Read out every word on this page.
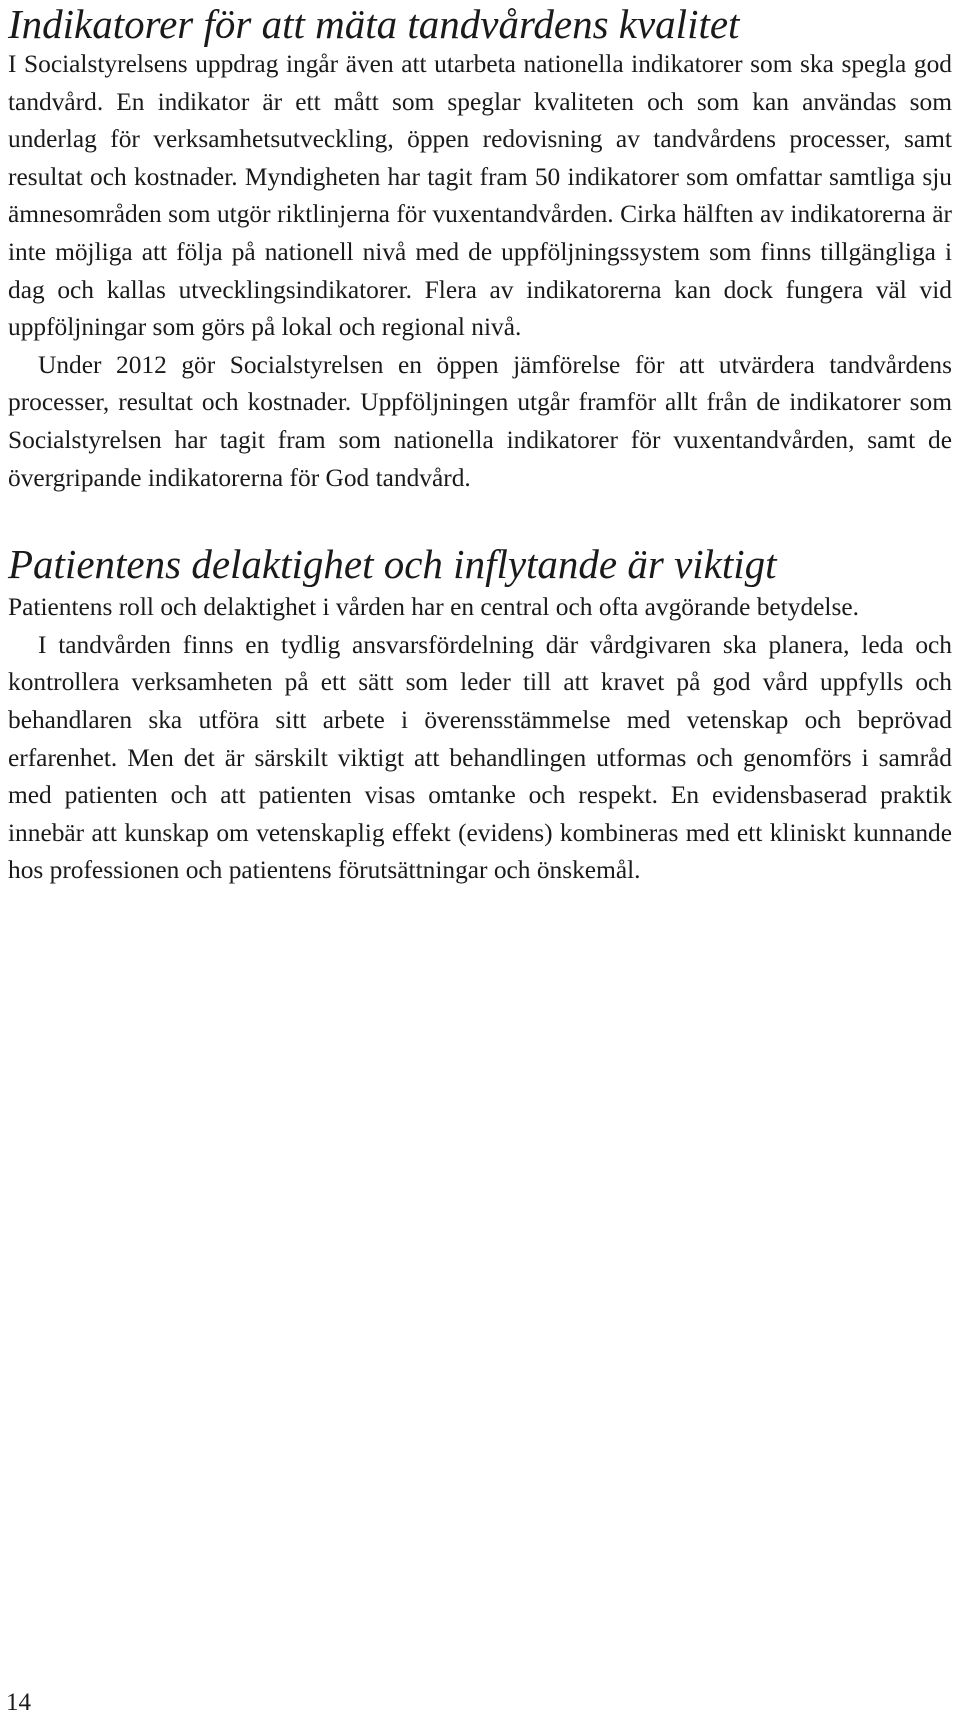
Indikatorer för att mäta tandvårdens kvalitet

I Socialstyrelsens uppdrag ingår även att utarbeta nationella indikatorer som ska spegla god tandvård. En indikator är ett mått som speglar kvaliteten och som kan användas som underlag för verksamhetsutveckling, öppen redovisning av tandvårdens processer, samt resultat och kostnader. Myndigheten har tagit fram 50 indikatorer som omfattar samtliga sju ämnesområden som utgör riktlinjerna för vuxentandvården. Cirka hälften av indikatorerna är inte möjliga att följa på nationell nivå med de uppföljningssystem som finns tillgängliga i dag och kallas utvecklingsindikatorer. Flera av indikatorerna kan dock fungera väl vid uppföljningar som görs på lokal och regional nivå.

Under 2012 gör Socialstyrelsen en öppen jämförelse för att utvärdera tandvårdens processer, resultat och kostnader. Uppföljningen utgår framför allt från de indikatorer som Socialstyrelsen har tagit fram som nationella indikatorer för vuxentandvården, samt de övergripande indikatorerna för God tandvård.

Patientens delaktighet och inflytande är viktigt

Patientens roll och delaktighet i vården har en central och ofta avgörande betydelse.

I tandvården finns en tydlig ansvarsfördelning där vårdgivaren ska planera, leda och kontrollera verksamheten på ett sätt som leder till att kravet på god vård uppfylls och behandlaren ska utföra sitt arbete i överensstämmelse med vetenskap och beprövad erfarenhet. Men det är särskilt viktigt att behandlingen utformas och genomförs i samråd med patienten och att patienten visas omtanke och respekt. En evidensbaserad praktik innebär att kunskap om vetenskaplig effekt (evidens) kombineras med ett kliniskt kunnande hos professionen och patientens förutsättningar och önskemål.

14
